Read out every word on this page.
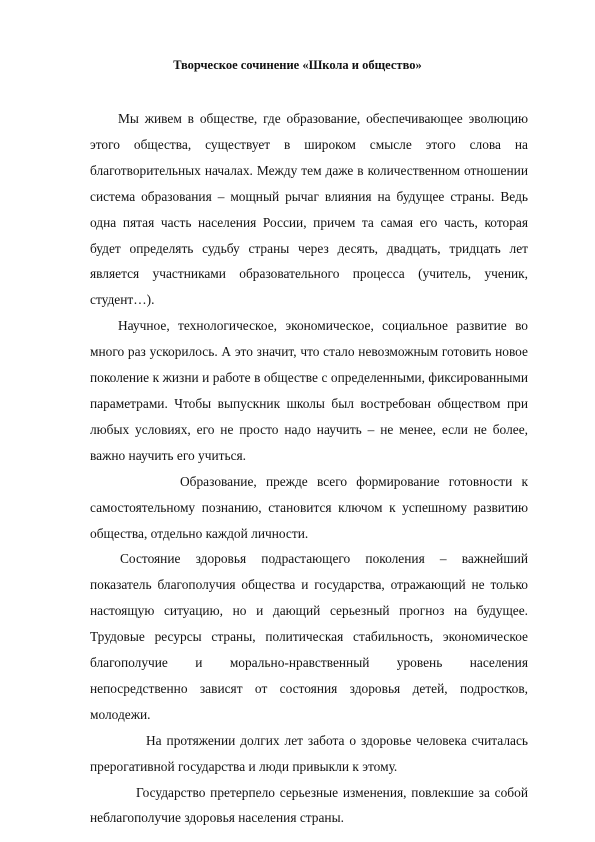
Творческое сочинение «Школа и общество»

Мы живем в обществе, где образование, обеспечивающее эволюцию этого общества, существует в широком смысле этого слова на благотворительных началах. Между тем даже в количественном отношении система образования – мощный рычаг влияния на будущее страны. Ведь одна пятая часть населения России, причем та самая его часть, которая будет определять судьбу страны через десять, двадцать, тридцать лет является участниками образовательного процесса (учитель, ученик, студент…).

Научное, технологическое, экономическое, социальное развитие во много раз ускорилось. А это значит, что стало невозможным готовить новое поколение к жизни и работе в обществе с определенными, фиксированными параметрами. Чтобы выпускник школы был востребован обществом при любых условиях, его не просто надо научить – не менее, если не более, важно научить его учиться.

Образование, прежде всего формирование готовности к самостоятельному познанию, становится ключом к успешному развитию общества, отдельно каждой личности.

Состояние здоровья подрастающего поколения – важнейший показатель благополучия общества и государства, отражающий не только настоящую ситуацию, но и дающий серьезный прогноз на будущее. Трудовые ресурсы страны, политическая стабильность, экономическое благополучие и морально-нравственный уровень населения непосредственно зависят от состояния здоровья детей, подростков, молодежи.

На протяжении долгих лет забота о здоровье человека считалась прерогативной государства и люди привыкли к этому.

Государство претерпело серьезные изменения, повлекшие за собой неблагополучие здоровья населения страны.
